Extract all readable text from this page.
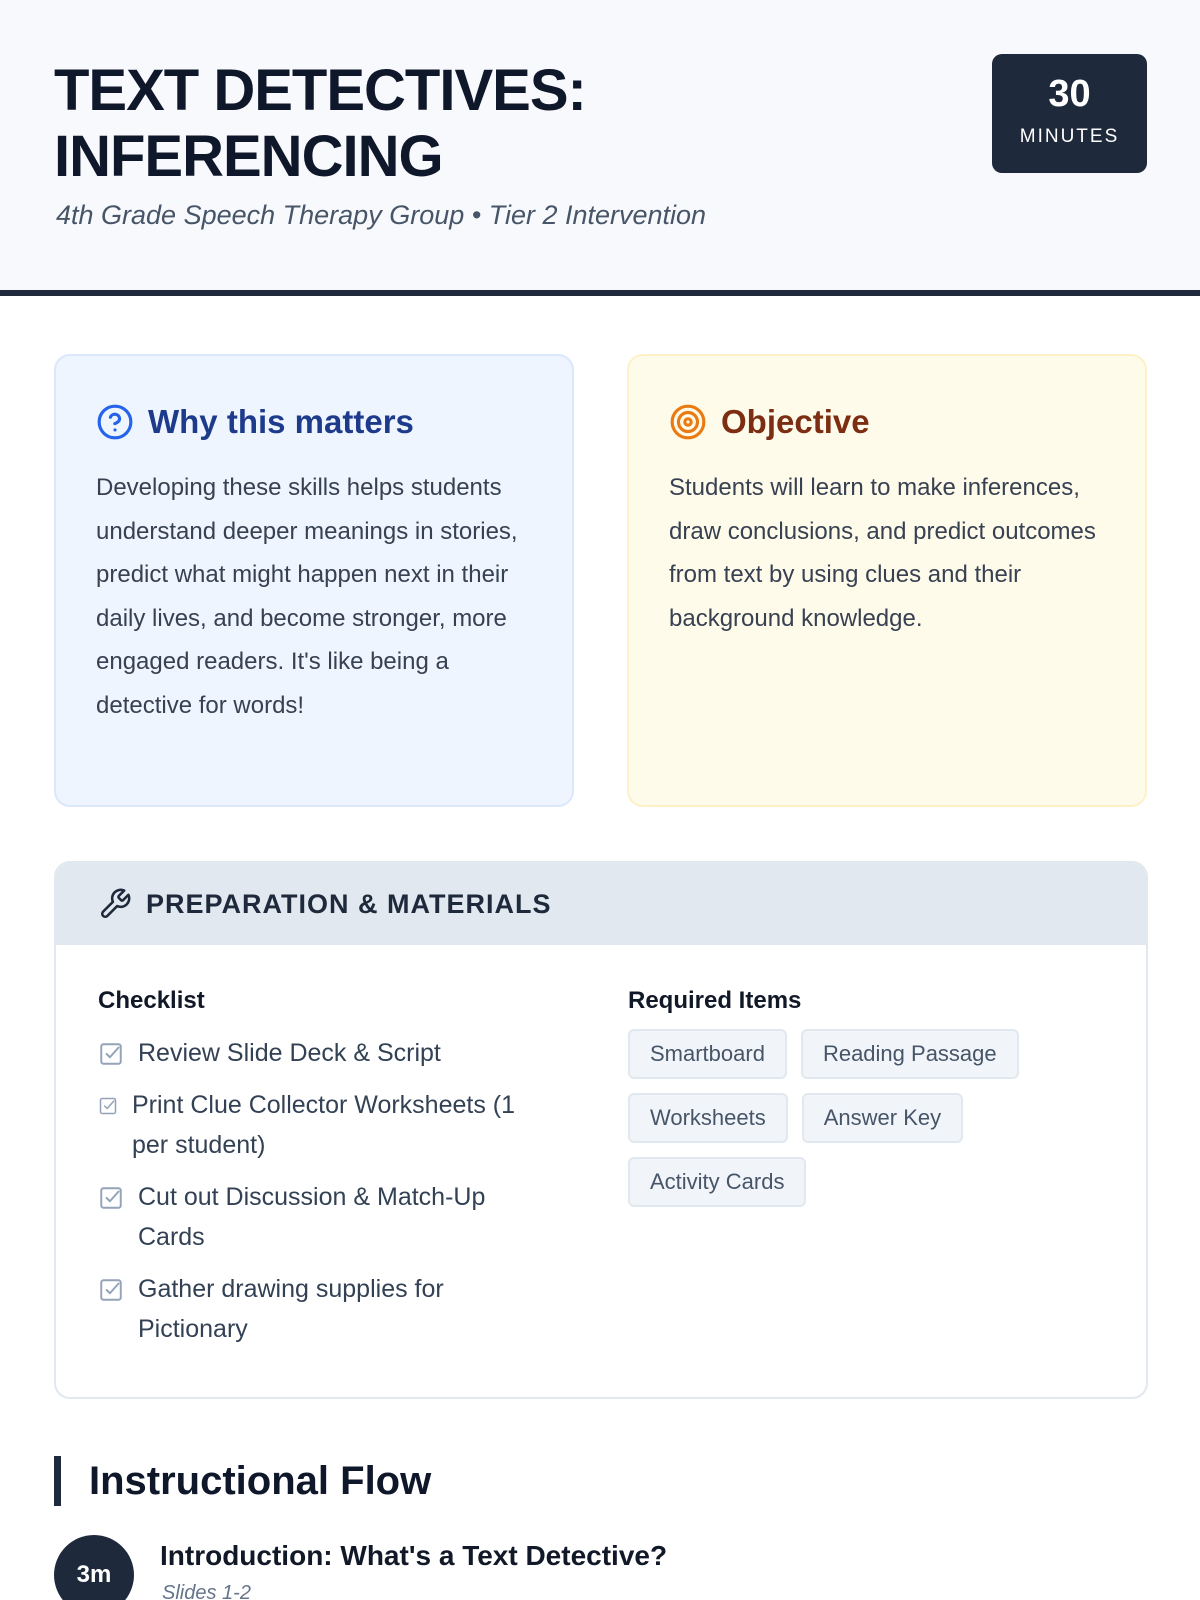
TEXT DETECTIVES:
INFERENCING
4th Grade Speech Therapy Group • Tier 2 Intervention
30
MINUTES
Why this matters
Developing these skills helps students understand deeper meanings in stories, predict what might happen next in their daily lives, and become stronger, more engaged readers. It's like being a detective for words!
Objective
Students will learn to make inferences, draw conclusions, and predict outcomes from text by using clues and their background knowledge.
PREPARATION & MATERIALS
Checklist
Review Slide Deck & Script
Print Clue Collector Worksheets (1 per student)
Cut out Discussion & Match-Up Cards
Gather drawing supplies for Pictionary
Required Items
Smartboard	Reading Passage
Worksheets	Answer Key
Activity Cards
Instructional Flow
3m
Introduction: What's a Text Detective?
Slides 1-2
